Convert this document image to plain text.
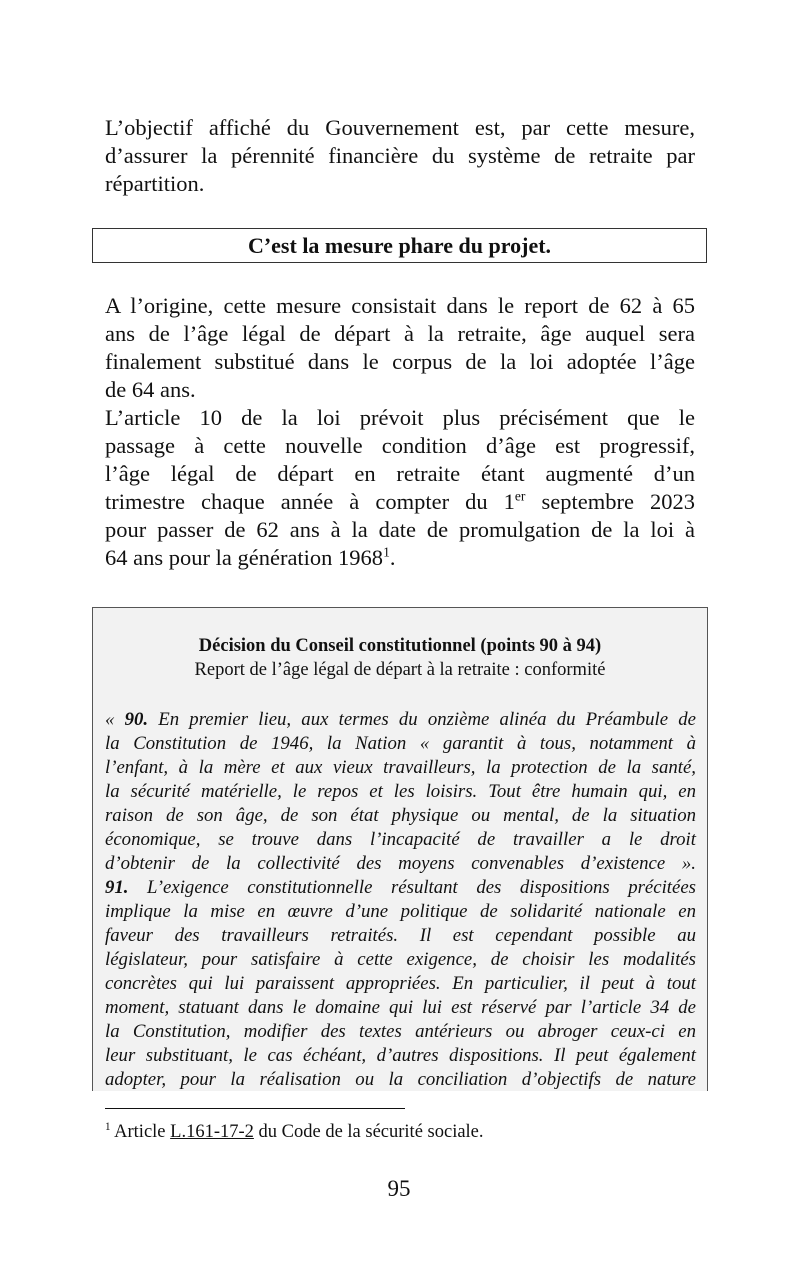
L’objectif affiché du Gouvernement est, par cette mesure,
d’assurer la pérennité financière du système de retraite par
répartition.
C’est la mesure phare du projet.
A l’origine, cette mesure consistait dans le report de 62 à 65
ans de l’âge légal de départ à la retraite, âge auquel sera
finalement substitué dans le corpus de la loi adoptée l’âge
de 64 ans.
L’article 10 de la loi prévoit plus précisément que le
passage à cette nouvelle condition d’âge est progressif,
l’âge légal de départ en retraite étant augmenté d’un
trimestre chaque année à compter du 1er septembre 2023
pour passer de 62 ans à la date de promulgation de la loi à
64 ans pour la génération 1968$^1$.
Décision du Conseil constitutionnel (points 90 à 94)
Report de l’âge légal de départ à la retraite : conformité
« 90. En premier lieu, aux termes du onzième alinéa du Préambule de
la Constitution de 1946, la Nation « garantit à tous, notamment à
l’enfant, à la mère et aux vieux travailleurs, la protection de la santé,
la sécurité matérielle, le repos et les loisirs. Tout être humain qui, en
raison de son âge, de son état physique ou mental, de la situation
économique, se trouve dans l’incapacité de travailler a le droit
d’obtenir de la collectivité des moyens convenables d’existence ».
91. L’exigence constitutionnelle résultant des dispositions précitées
implique la mise en œuvre d’une politique de solidarité nationale en
faveur des travailleurs retraités. Il est cependant possible au
législateur, pour satisfaire à cette exigence, de choisir les modalités
concrètes qui lui paraissent appropriées. En particulier, il peut à tout
moment, statuant dans le domaine qui lui est réservé par l’article 34 de
la Constitution, modifier des textes antérieurs ou abroger ceux-ci en
leur substituant, le cas échéant, d’autres dispositions. Il peut également
adopter, pour la réalisation ou la conciliation d’objectifs de nature
$^1$ Article L.161-17-2 du Code de la sécurité sociale.
95
